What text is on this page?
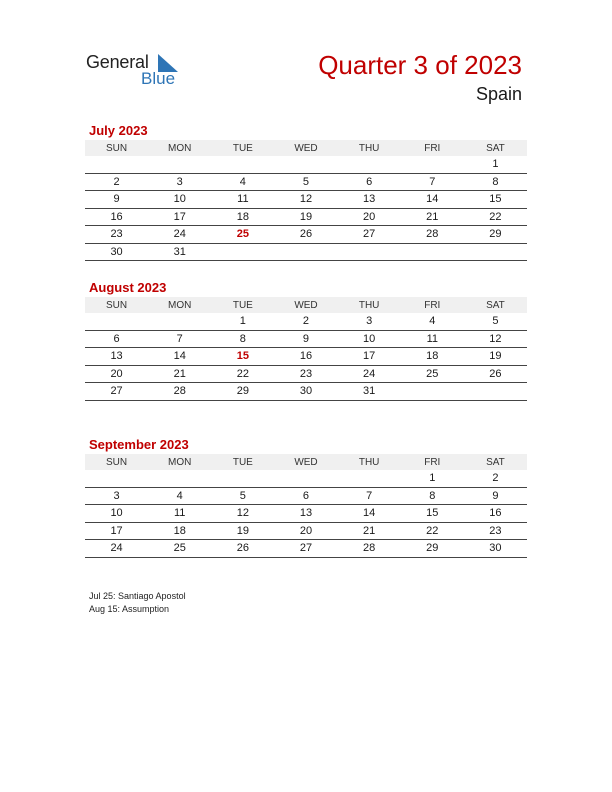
General
Blue	Quarter 3 of 2023
Spain
July 2023
SUN	MON	TUE	WED	THU	FRI	SAT
						1
2	3	4	5	6	7	8
9	10	11	12	13	14	15
16	17	18	19	20	21	22
23	24	25	26	27	28	29
30	31					
August 2023
SUN	MON	TUE	WED	THU	FRI	SAT
		1	2	3	4	5
6	7	8	9	10	11	12
13	14	15	16	17	18	19
20	21	22	23	24	25	26
27	28	29	30	31		
September 2023
SUN	MON	TUE	WED	THU	FRI	SAT
					1	2
3	4	5	6	7	8	9
10	11	12	13	14	15	16
17	18	19	20	21	22	23
24	25	26	27	28	29	30
Jul 25: Santiago Apostol
Aug 15: Assumption
